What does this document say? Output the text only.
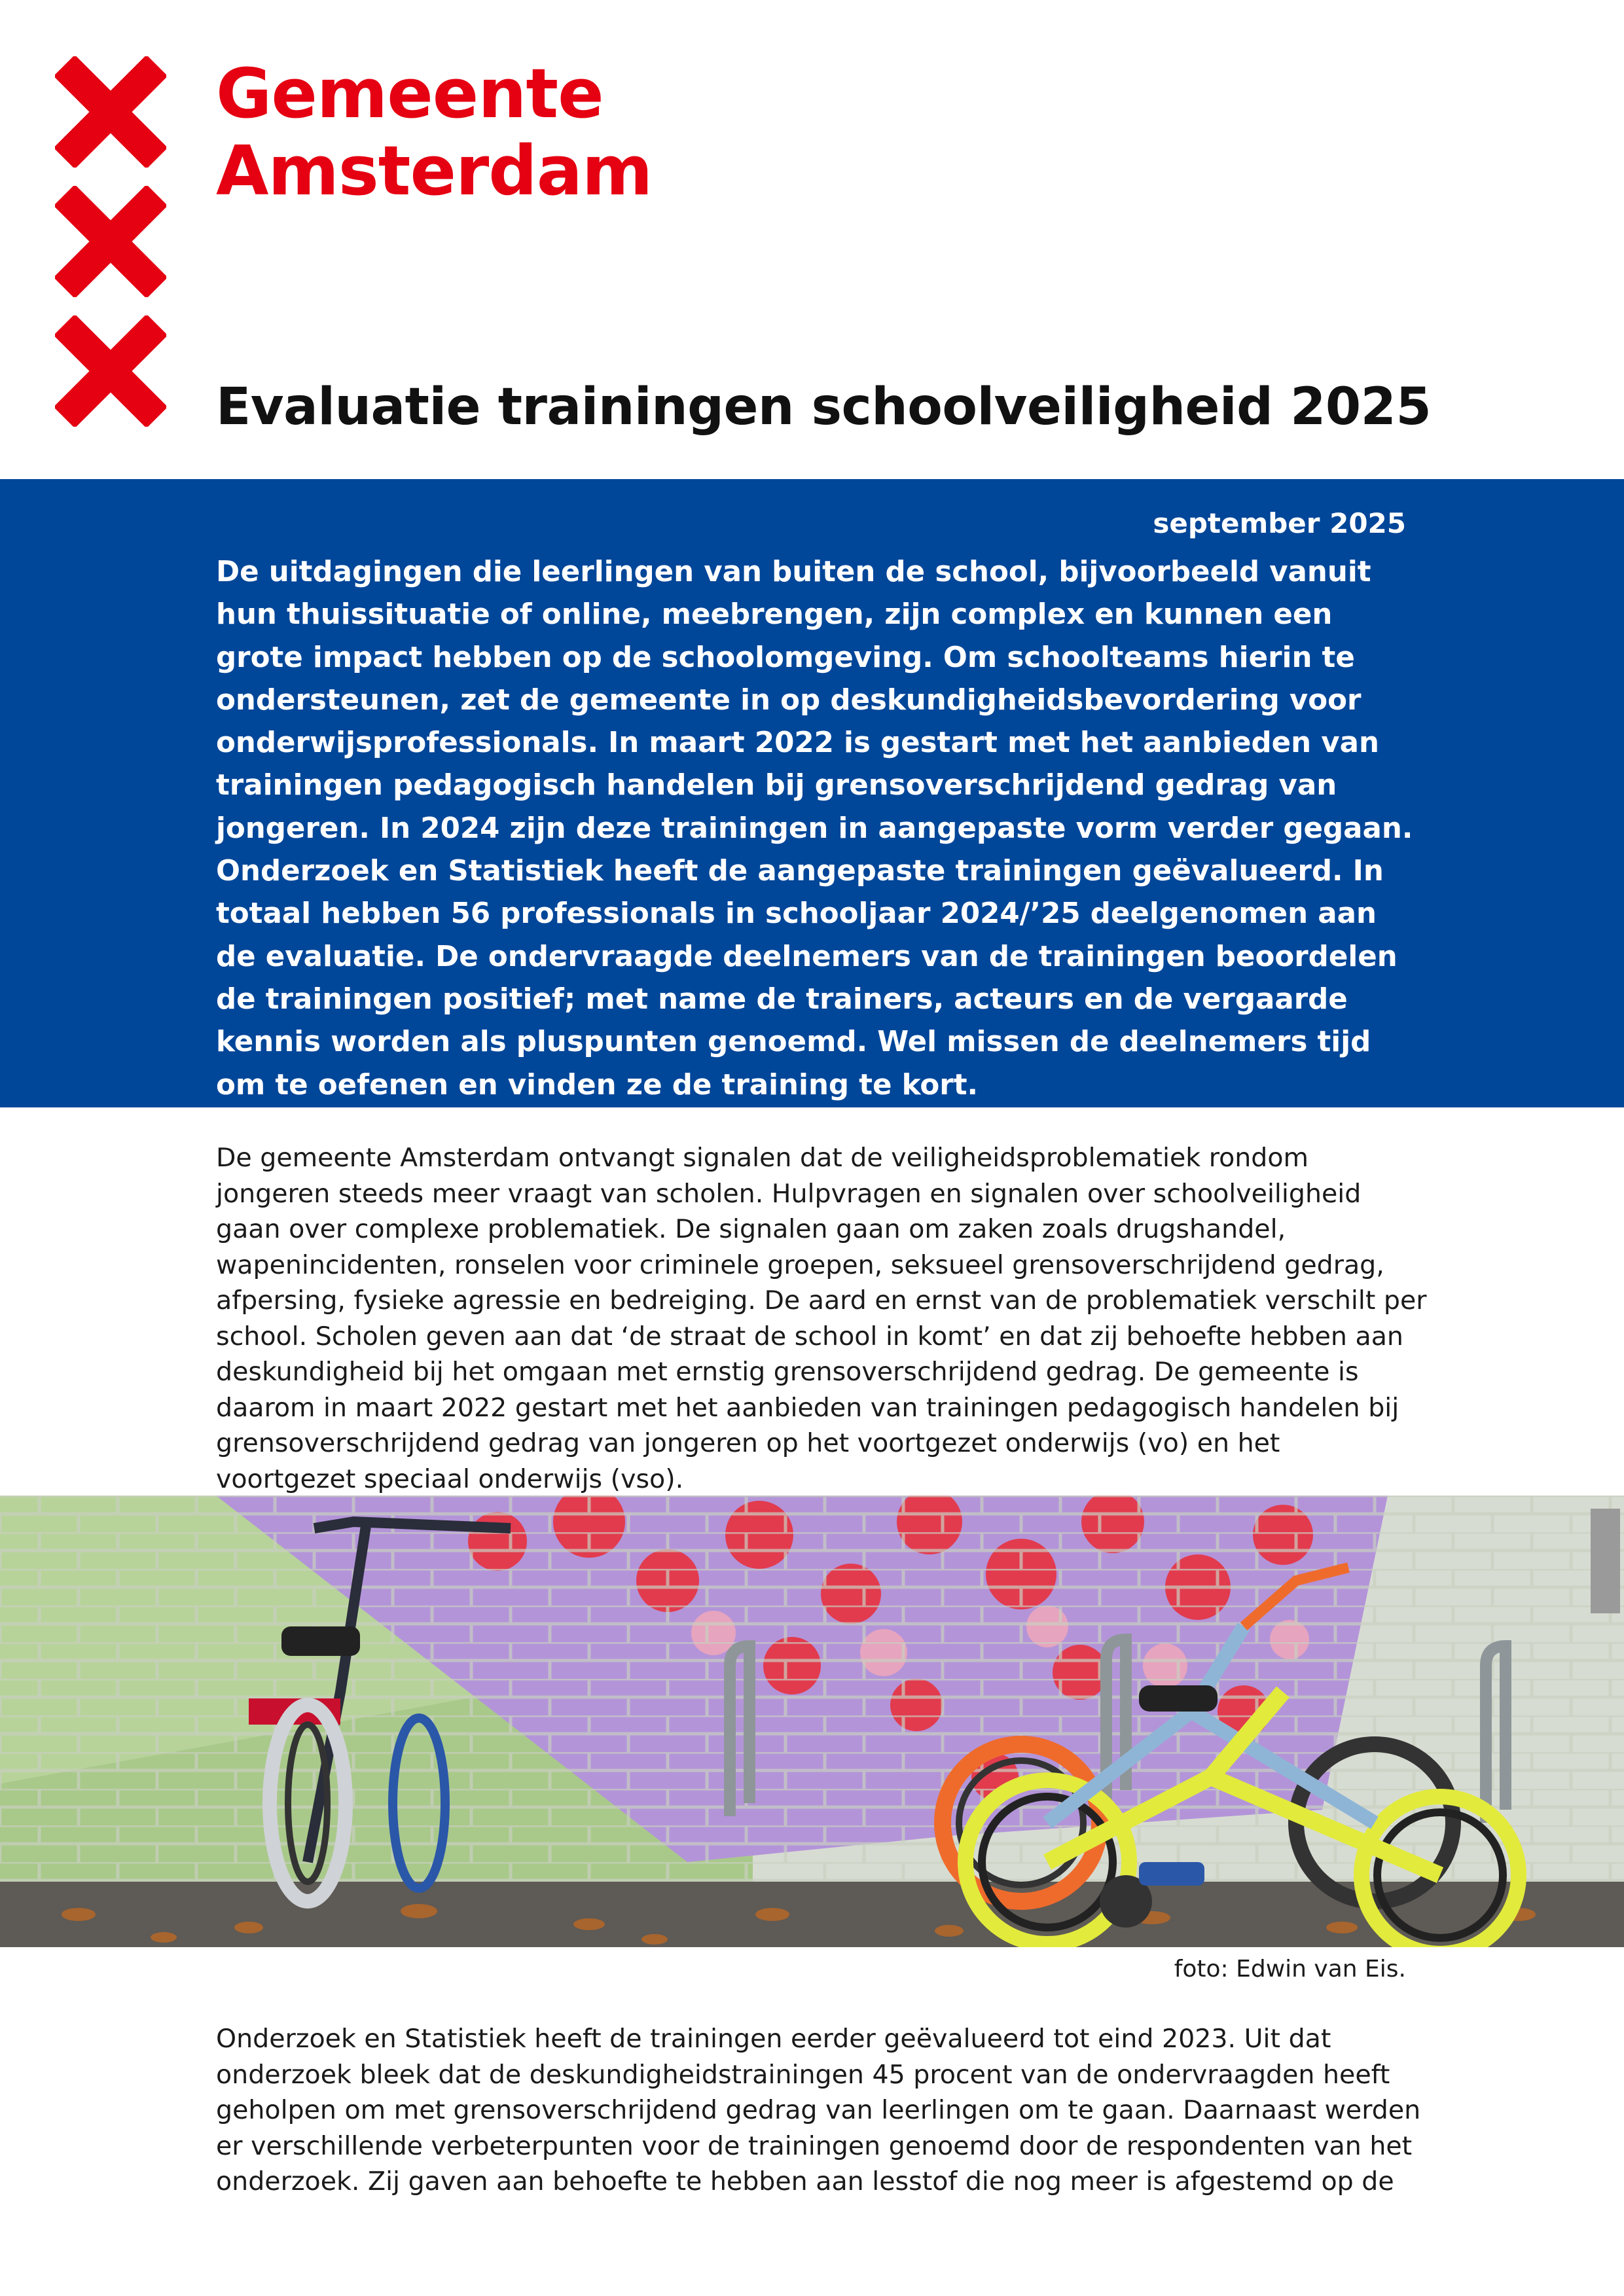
Gemeente
Amsterdam
Evaluatie trainingen schoolveiligheid 2025
september 2025

De uitdagingen die leerlingen van buiten de school, bijvoorbeeld vanuit hun thuissituatie of online, meebrengen, zijn complex en kunnen een grote impact hebben op de schoolomgeving. Om schoolteams hierin te ondersteunen, zet de gemeente in op deskundigheidsbevordering voor onderwijsprofessionals. In maart 2022 is gestart met het aanbieden van trainingen pedagogisch handelen bij grensoverschrijdend gedrag van jongeren. In 2024 zijn deze trainingen in aangepaste vorm verder gegaan. Onderzoek en Statistiek heeft de aangepaste trainingen geëvalueerd. In totaal hebben 56 professionals in schooljaar 2024/’25 deelgenomen aan de evaluatie. De ondervraagde deelnemers van de trainingen beoordelen de trainingen positief; met name de trainers, acteurs en de vergaarde kennis worden als pluspunten genoemd. Wel missen de deelnemers tijd om te oefenen en vinden ze de training te kort.

De gemeente Amsterdam ontvangt signalen dat de veiligheidsproblematiek rondom jongeren steeds meer vraagt van scholen. Hulpvragen en signalen over schoolveiligheid gaan over complexe problematiek. De signalen gaan om zaken zoals drugshandel, wapenincidenten, ronselen voor criminele groepen, seksueel grensoverschrijdend gedrag, afpersing, fysieke agressie en bedreiging. De aard en ernst van de problematiek verschilt per school. Scholen geven aan dat ‘de straat de school in komt’ en dat zij behoefte hebben aan deskundigheid bij het omgaan met ernstig grensoverschrijdend gedrag. De gemeente is daarom in maart 2022 gestart met het aanbieden van trainingen pedagogisch handelen bij grensoverschrijdend gedrag van jongeren op het voortgezet onderwijs (vo) en het voortgezet speciaal onderwijs (vso).

foto: Edwin van Eis.

Onderzoek en Statistiek heeft de trainingen eerder geëvalueerd tot eind 2023. Uit dat onderzoek bleek dat de deskundigheidstrainingen 45 procent van de ondervraagden heeft geholpen om met grensoverschrijdend gedrag van leerlingen om te gaan. Daarnaast werden er verschillende verbeterpunten voor de trainingen genoemd door de respondenten van het onderzoek. Zij gaven aan behoefte te hebben aan lesstof die nog meer is afgestemd op de
